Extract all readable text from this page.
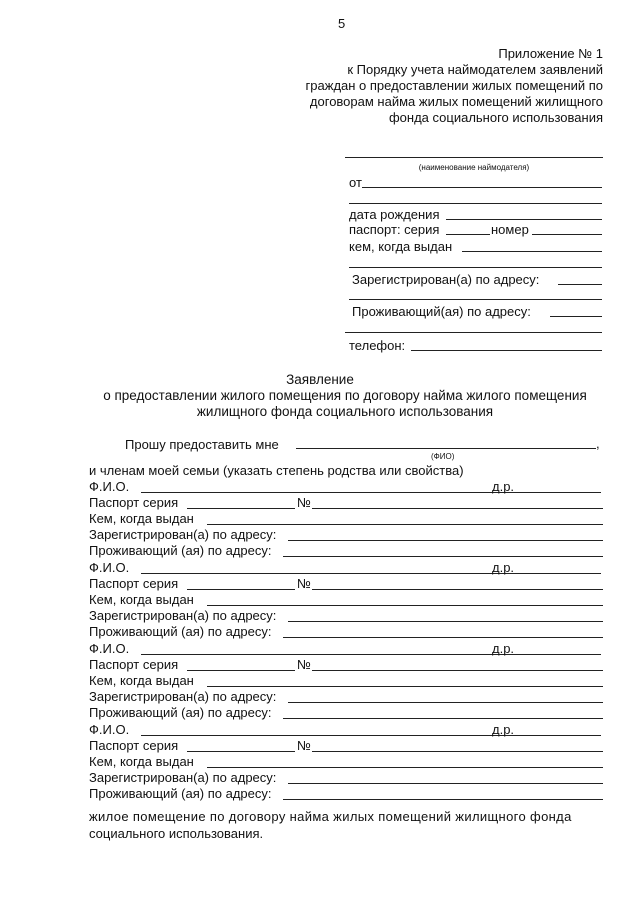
5
Приложение № 1
к Порядку учета наймодателем заявлений
граждан о предоставлении жилых помещений по
договорам найма жилых помещений жилищного
фонда социального использования
(наименование наймодателя)
от
дата рождения
паспорт: серия	номер
кем, когда выдан
Зарегистрирован(а) по адресу:
Проживающий(ая) по адресу:
телефон:
Заявление
о предоставлении жилого помещения по договору найма жилого помещения
жилищного фонда социального использования
Прошу предоставить мне	,
(ФИО)
и членам моей семьи (указать степень родства или свойства)
Ф.И.О.	д.р.
Паспорт серия	№
Кем, когда выдан
Зарегистрирован(а) по адресу:
Проживающий (ая) по адресу:
Ф.И.О.	д.р.
Паспорт серия	№
Кем, когда выдан
Зарегистрирован(а) по адресу:
Проживающий (ая) по адресу:
Ф.И.О.	д.р.
Паспорт серия	№
Кем, когда выдан
Зарегистрирован(а) по адресу:
Проживающий (ая) по адресу:
Ф.И.О.	д.р.
Паспорт серия	№
Кем, когда выдан
Зарегистрирован(а) по адресу:
Проживающий (ая) по адресу:
жилое помещение по договору найма жилых помещений жилищного фонда
социального использования.
